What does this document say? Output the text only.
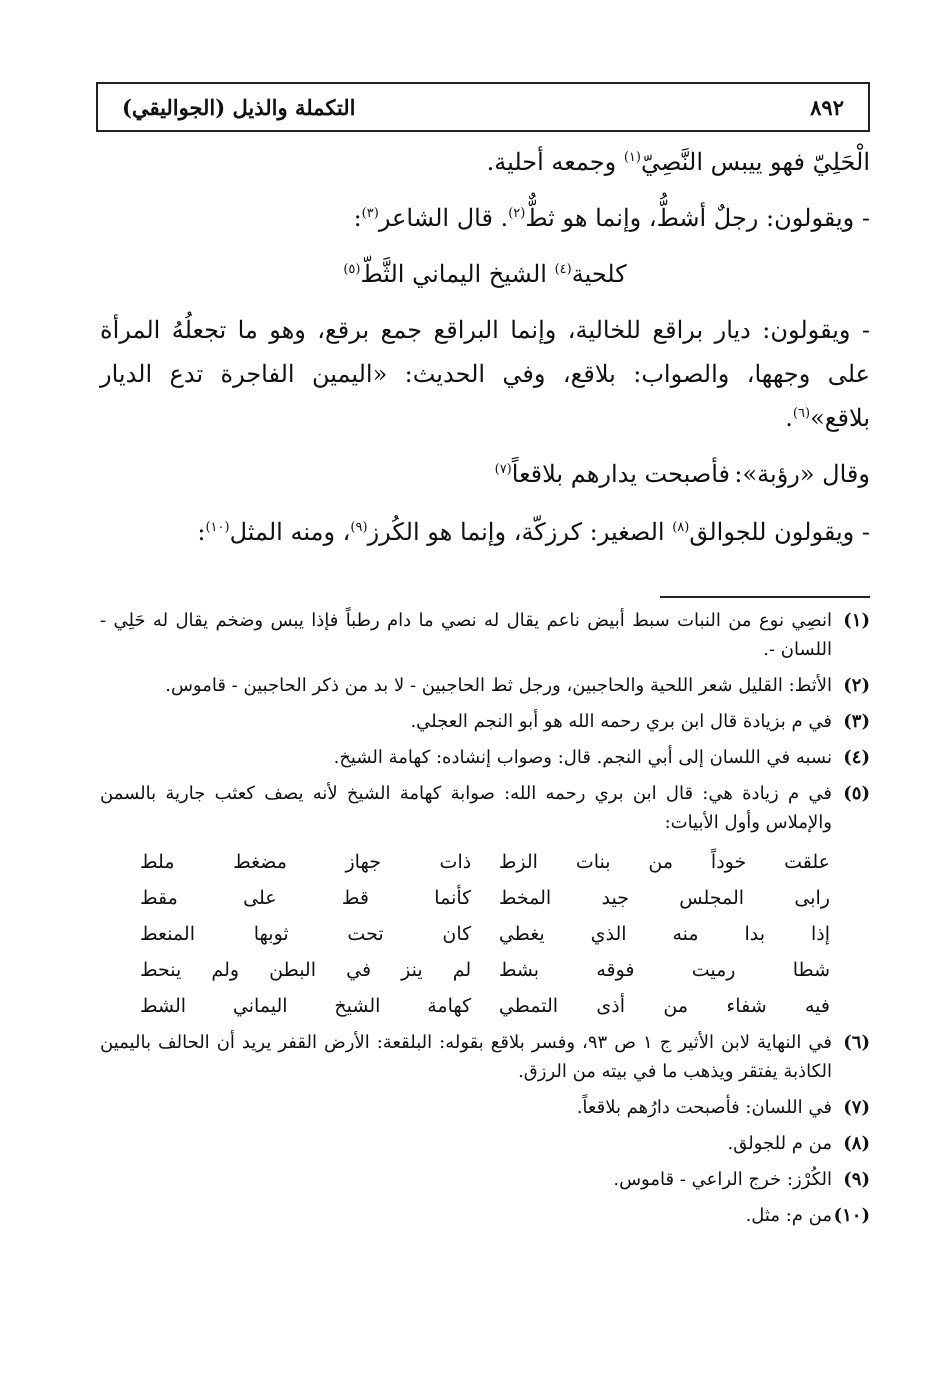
٨٩٢
التكملة والذيل (الجواليقي)

الْحَلِيّ فهو ييبس النَّصِيّ$^{(١)}$ وجمعه أحلية.

- ويقولون: رجلٌ أشطُّ، وإنما هو ثطٌّ$^{(٢)}$. قال الشاعر$^{(٣)}$:

كلحية$^{(٤)}$ الشيخ اليماني الثَّطّ$^{(٥)}$

- ويقولون: ديار براقع للخالية، وإنما البراقع جمع برقع، وهو ما تجعلُهُ المرأة على وجهها، والصواب: بلاقع، وفي الحديث: «اليمين الفاجرة تدع الديار بلاقع»$^{(٦)}$.

وقال «رؤبة»:
فأصبحت يدارهم بلاقعاً$^{(٧)}$

- ويقولون للجوالق$^{(٨)}$ الصغير: كرزكّة، وإنما هو الكُرز$^{(٩)}$، ومنه المثل$^{(١٠)}$:

(١)
انصِي نوع من النبات سبط أبيض ناعم يقال له نصي ما دام رطباً فإذا يبس وضخم يقال له حَلِي - اللسان -.
(٢)
الأثط: القليل شعر اللحية والحاجبين، ورجل ثط الحاجبين - لا بد من ذكر الحاجبين - قاموس.
(٣)
في م بزيادة قال ابن بري رحمه الله هو أبو النجم العجلي.
(٤)
نسبه في اللسان إلى أبي النجم. قال: وصواب إنشاده: كهامة الشيخ.
(٥)
في م زيادة هي: قال ابن بري رحمه الله: صوابة كهامة الشيخ لأنه يصف كعثب جارية بالسمن والإملاس وأول الأبيات:
علقت خوداً من بنات الزط
ذات جهاز مضغط ملط
رابى المجلس جيد المخط
كأنما قط على مقط
إذا بدا منه الذي يغطي
كان تحت ثوبها المنعط
شطا رميت فوقه بشط
لم ينز في البطن ولم ينحط
فيه شفاء من أذى التمطي
كهامة الشيخ اليماني الشط
(٦)
في النهاية لابن الأثير ج ١ ص ٩٣، وفسر بلاقع بقوله: البلقعة: الأرض القفر يريد أن الحالف باليمين الكاذبة يفتقر ويذهب ما في بيته من الرزق.
(٧)
في اللسان: فأصبحت دارُهم بلاقعاً.
(٨)
من م للجولق.
(٩)
الكُرْز: خرج الراعي - قاموس.
(١٠)
من م: مثل.
